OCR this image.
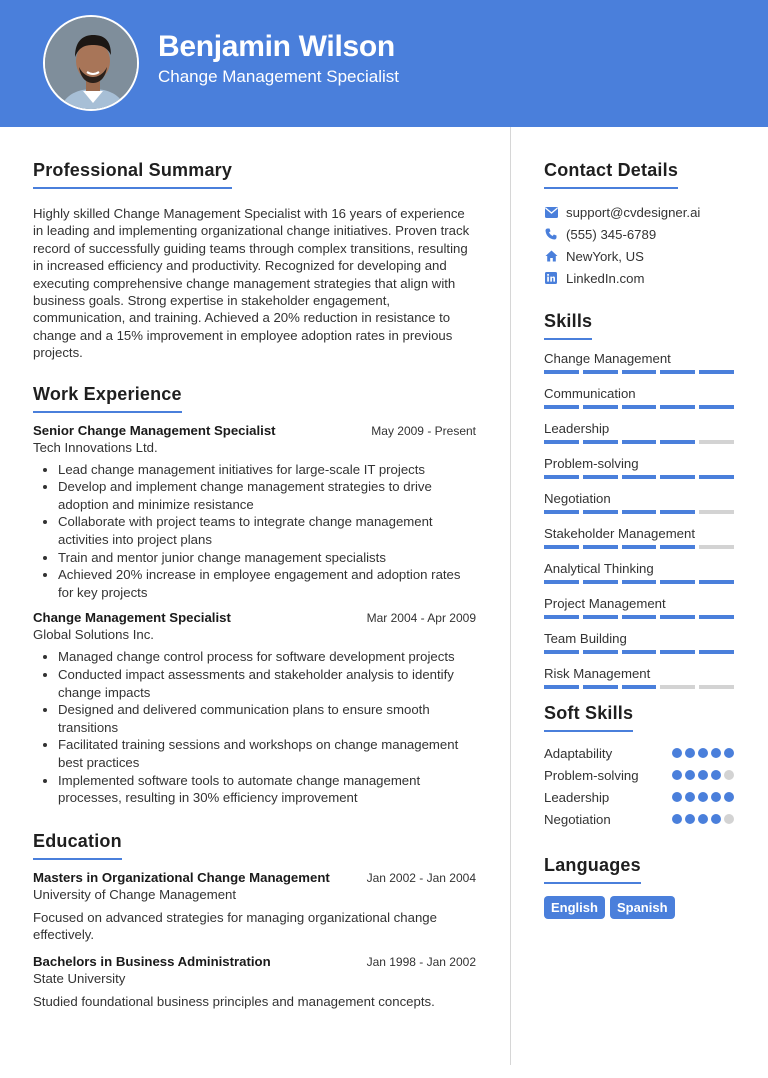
Benjamin Wilson
Change Management Specialist
Professional Summary
Highly skilled Change Management Specialist with 16 years of experience in leading and implementing organizational change initiatives. Proven track record of successfully guiding teams through complex transitions, resulting in increased efficiency and productivity. Recognized for developing and executing comprehensive change management strategies that align with business goals. Strong expertise in stakeholder engagement, communication, and training. Achieved a 20% reduction in resistance to change and a 15% improvement in employee adoption rates in previous projects.
Work Experience
Senior Change Management Specialist	May 2009 - Present
Tech Innovations Ltd.
• Lead change management initiatives for large-scale IT projects
• Develop and implement change management strategies to drive adoption and minimize resistance
• Collaborate with project teams to integrate change management activities into project plans
• Train and mentor junior change management specialists
• Achieved 20% increase in employee engagement and adoption rates for key projects
Change Management Specialist	Mar 2004 - Apr 2009
Global Solutions Inc.
• Managed change control process for software development projects
• Conducted impact assessments and stakeholder analysis to identify change impacts
• Designed and delivered communication plans to ensure smooth transitions
• Facilitated training sessions and workshops on change management best practices
• Implemented software tools to automate change management processes, resulting in 30% efficiency improvement
Education
Masters in Organizational Change Management	Jan 2002 - Jan 2004
University of Change Management
Focused on advanced strategies for managing organizational change effectively.
Bachelors in Business Administration	Jan 1998 - Jan 2002
State University
Studied foundational business principles and management concepts.
Contact Details
support@cvdesigner.ai
(555) 345-6789
NewYork, US
LinkedIn.com
Skills
Change Management
Communication
Leadership
Problem-solving
Negotiation
Stakeholder Management
Analytical Thinking
Project Management
Team Building
Risk Management
Soft Skills
Adaptability
Problem-solving
Leadership
Negotiation
Languages
English	Spanish
